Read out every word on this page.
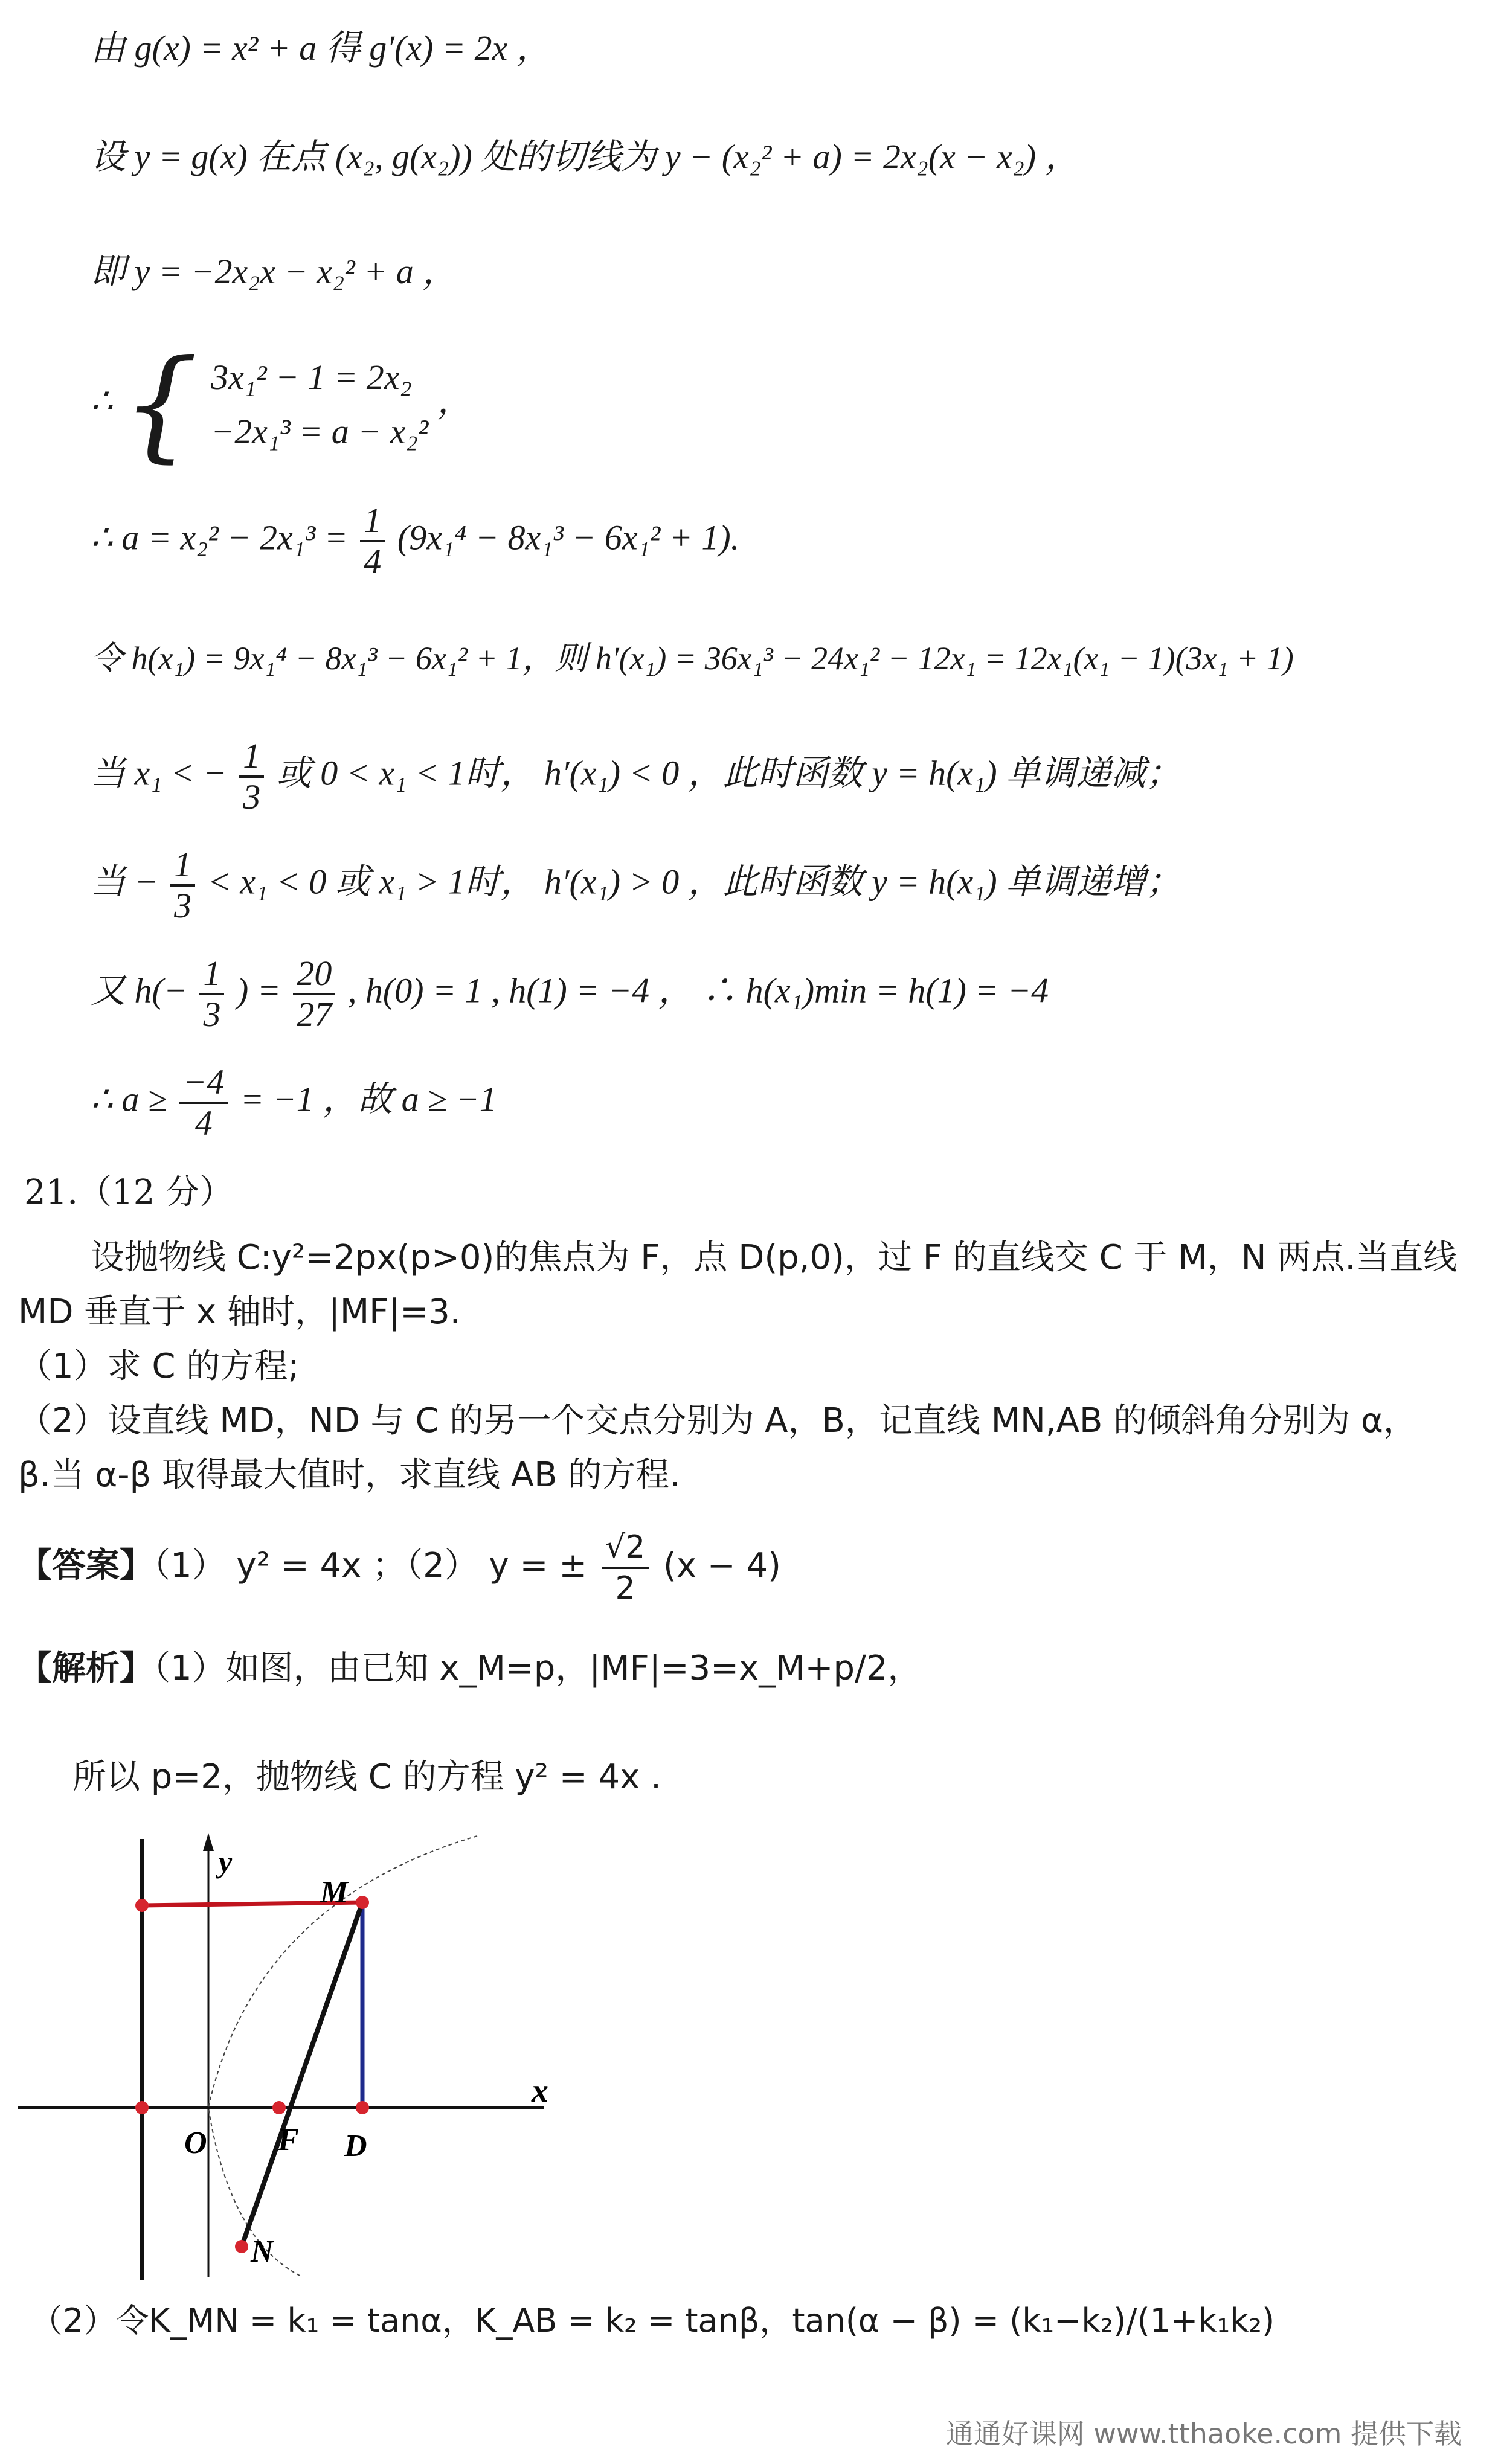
由 g(x) = x² + a 得 g′(x) = 2x ，
设 y = g(x) 在点 (x₂, g(x₂)) 处的切线为 y − (x₂² + a) = 2x₂(x − x₂) ，
即 y = −2x₂x − x₂² + a ，
∴ { 3x₁² − 1 = 2x₂
−2x₁³ = a − x₂²
，
∴ $a = x_2^2 - 2x_1^3 = \frac{1}{4} (9x_1^4 - 8x_1^3 - 6x_1^2 + 1)$.
令 h(x₁) = 9x₁⁴ − 8x₁³ − 6x₁² + 1，则 h′(x₁) = 36x₁³ − 24x₁² − 12x₁ = 12x₁(x₁ − 1)(3x₁ + 1)
当 x₁ < − $\frac{1}{3}$ 或 0 < x₁ < 1时， h′(x₁) < 0 ，此时函数 y = h(x₁) 单调递减；
当 − $\frac{1}{3} < x_1 < 0$ 或 x₁ > 1时， h′(x₁) > 0 ，此时函数 y = h(x₁) 单调递增；
又 $h(- \frac{1}{3}$ ) = $\frac{20}{27}$ , h(0) = 1 , h(1) = −4 ， ∴ h(x₁)min = h(1) = −4
∴ $a \ge \frac{-4}{4} = -1$ ，故 a ≥ −1
21.（12 分）
设抛物线 C:y²=2px(p>0)的焦点为 F，点 D(p,0)，过 F 的直线交 C 于 M，N 两点.当直线
MD 垂直于 x 轴时，|MF|=3.
（1）求 C 的方程;
（2）设直线 MD，ND 与 C 的另一个交点分别为 A，B，记直线 MN,AB 的倾斜角分别为 α，
β.当 α-β 取得最大值时，求直线 AB 的方程.
【答案】（1） y² = 4x ；（2） y = ± $\frac{√2}{2} (x - 4)$
【解析】（1）如图，由已知 x_M=p，|MF|=3=x_M+p/2，
所以 p=2，抛物线 C 的方程 y² = 4x .
y
x
M
O F D
N
（2）令K_MN = k₁ = tanα，K_AB = k₂ = tanβ，tan(α − β) = (k₁−k₂)/(1+k₁k₂)
通通好课网 www.tthaoke.com 提供下载
